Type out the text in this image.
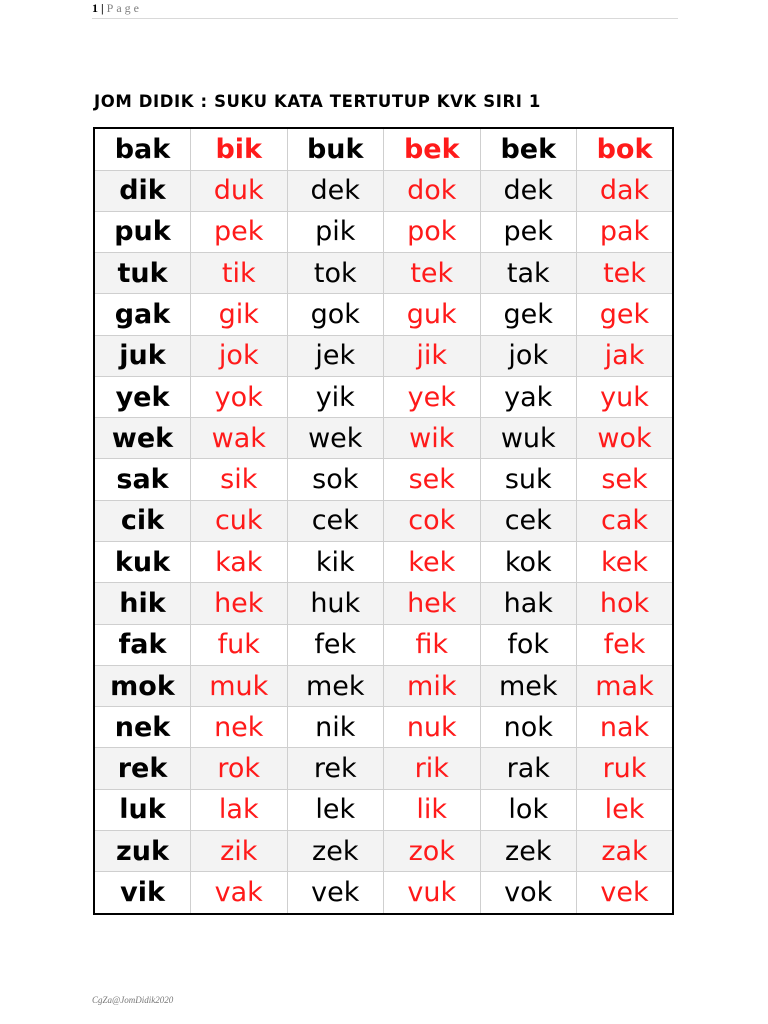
1 | Page
JOM DIDIK : SUKU KATA TERTUTUP KVK SIRI 1
bak	bik	buk	bek	bek	bok
dik	duk	dek	dok	dek	dak
puk	pek	pik	pok	pek	pak
tuk	tik	tok	tek	tak	tek
gak	gik	gok	guk	gek	gek
juk	jok	jek	jik	jok	jak
yek	yok	yik	yek	yak	yuk
wek	wak	wek	wik	wuk	wok
sak	sik	sok	sek	suk	sek
cik	cuk	cek	cok	cek	cak
kuk	kak	kik	kek	kok	kek
hik	hek	huk	hek	hak	hok
fak	fuk	fek	fik	fok	fek
mok	muk	mek	mik	mek	mak
nek	nek	nik	nuk	nok	nak
rek	rok	rek	rik	rak	ruk
luk	lak	lek	lik	lok	lek
zuk	zik	zek	zok	zek	zak
vik	vak	vek	vuk	vok	vek
CgZa@JomDidik2020
